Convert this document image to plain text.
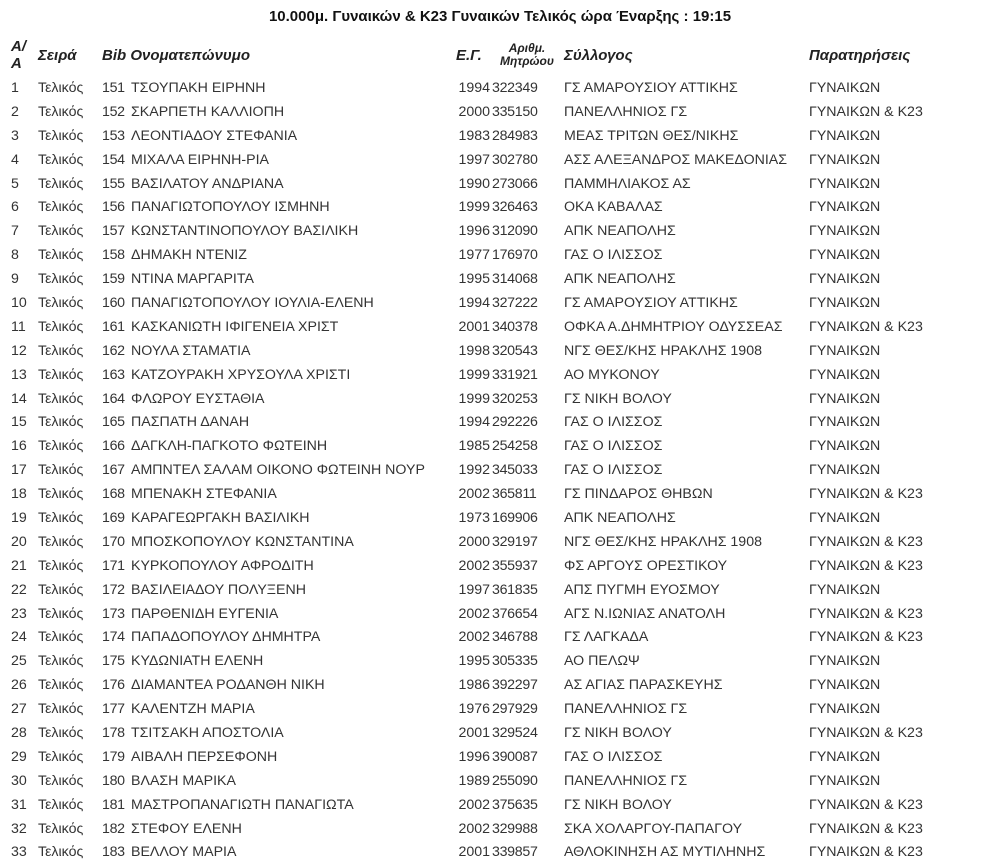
10.000μ. Γυναικών & Κ23 Γυναικών Τελικός ώρα Έναρξης : 19:15
Α/Α	Σειρά	Bib Ονοματεπώνυμο		Ε.Γ.	Αριθμ.
Μητρώου	Σύλλογος	Παρατηρήσεις
1	Τελικός	151	ΤΣΟΥΠΑΚΗ ΕΙΡΗΝΗ	1994	322349	ΓΣ ΑΜΑΡΟΥΣΙΟΥ ΑΤΤΙΚΗΣ	ΓΥΝΑΙΚΩΝ
2	Τελικός	152	ΣΚΑΡΠΕΤΗ ΚΑΛΛΙΟΠΗ	2000	335150	ΠΑΝΕΛΛΗΝΙΟΣ ΓΣ	ΓΥΝΑΙΚΩΝ & Κ23
3	Τελικός	153	ΛΕΟΝΤΙΑΔΟΥ ΣΤΕΦΑΝΙΑ	1983	284983	ΜΕΑΣ ΤΡΙΤΩΝ ΘΕΣ/ΝΙΚΗΣ	ΓΥΝΑΙΚΩΝ
4	Τελικός	154	ΜΙΧΑΛΑ ΕΙΡΗΝΗ-ΡΙΑ	1997	302780	ΑΣΣ ΑΛΕΞΑΝΔΡΟΣ ΜΑΚΕΔΟΝΙΑΣ	ΓΥΝΑΙΚΩΝ
5	Τελικός	155	ΒΑΣΙΛΑΤΟΥ ΑΝΔΡΙΑΝΑ	1990	273066	ΠΑΜΜΗΛΙΑΚΟΣ ΑΣ	ΓΥΝΑΙΚΩΝ
6	Τελικός	156	ΠΑΝΑΓΙΩΤΟΠΟΥΛΟΥ ΙΣΜΗΝΗ	1999	326463	ΟΚΑ ΚΑΒΑΛΑΣ	ΓΥΝΑΙΚΩΝ
7	Τελικός	157	ΚΩΝΣΤΑΝΤΙΝΟΠΟΥΛΟΥ ΒΑΣΙΛΙΚΗ	1996	312090	ΑΠΚ ΝΕΑΠΟΛΗΣ	ΓΥΝΑΙΚΩΝ
8	Τελικός	158	ΔΗΜΑΚΗ ΝΤΕΝΙΖ	1977	176970	ΓΑΣ Ο ΙΛΙΣΣΟΣ	ΓΥΝΑΙΚΩΝ
9	Τελικός	159	ΝΤΙΝΑ ΜΑΡΓΑΡΙΤΑ	1995	314068	ΑΠΚ ΝΕΑΠΟΛΗΣ	ΓΥΝΑΙΚΩΝ
10	Τελικός	160	ΠΑΝΑΓΙΩΤΟΠΟΥΛΟΥ ΙΟΥΛΙΑ-ΕΛΕΝΗ	1994	327222	ΓΣ ΑΜΑΡΟΥΣΙΟΥ ΑΤΤΙΚΗΣ	ΓΥΝΑΙΚΩΝ
11	Τελικός	161	ΚΑΣΚΑΝΙΩΤΗ ΙΦΙΓΕΝΕΙΑ ΧΡΙΣΤ	2001	340378	ΟΦΚΑ Α.ΔΗΜΗΤΡΙΟΥ ΟΔΥΣΣΕΑΣ	ΓΥΝΑΙΚΩΝ & Κ23
12	Τελικός	162	ΝΟΥΛΑ ΣΤΑΜΑΤΙΑ	1998	320543	ΝΓΣ ΘΕΣ/ΚΗΣ ΗΡΑΚΛΗΣ 1908	ΓΥΝΑΙΚΩΝ
13	Τελικός	163	ΚΑΤΖΟΥΡΑΚΗ ΧΡΥΣΟΥΛΑ ΧΡΙΣΤΙ	1999	331921	ΑΟ ΜΥΚΟΝΟΥ	ΓΥΝΑΙΚΩΝ
14	Τελικός	164	ΦΛΩΡΟΥ ΕΥΣΤΑΘΙΑ	1999	320253	ΓΣ ΝΙΚΗ ΒΟΛΟΥ	ΓΥΝΑΙΚΩΝ
15	Τελικός	165	ΠΑΣΠΑΤΗ ΔΑΝΑΗ	1994	292226	ΓΑΣ Ο ΙΛΙΣΣΟΣ	ΓΥΝΑΙΚΩΝ
16	Τελικός	166	ΔΑΓΚΛΗ-ΠΑΓΚΟΤΟ ΦΩΤΕΙΝΗ	1985	254258	ΓΑΣ Ο ΙΛΙΣΣΟΣ	ΓΥΝΑΙΚΩΝ
17	Τελικός	167	ΑΜΠΝΤΕΛ ΣΑΛΑΜ ΟΙΚΟΝΟ ΦΩΤΕΙΝΗ ΝΟΥΡ	1992	345033	ΓΑΣ Ο ΙΛΙΣΣΟΣ	ΓΥΝΑΙΚΩΝ
18	Τελικός	168	ΜΠΕΝΑΚΗ ΣΤΕΦΑΝΙΑ	2002	365811	ΓΣ ΠΙΝΔΑΡΟΣ ΘΗΒΩΝ	ΓΥΝΑΙΚΩΝ & Κ23
19	Τελικός	169	ΚΑΡΑΓΕΩΡΓΑΚΗ ΒΑΣΙΛΙΚΗ	1973	169906	ΑΠΚ ΝΕΑΠΟΛΗΣ	ΓΥΝΑΙΚΩΝ
20	Τελικός	170	ΜΠΟΣΚΟΠΟΥΛΟΥ ΚΩΝΣΤΑΝΤΙΝΑ	2000	329197	ΝΓΣ ΘΕΣ/ΚΗΣ ΗΡΑΚΛΗΣ 1908	ΓΥΝΑΙΚΩΝ & Κ23
21	Τελικός	171	ΚΥΡΚΟΠΟΥΛΟΥ ΑΦΡΟΔΙΤΗ	2002	355937	ΦΣ ΑΡΓΟΥΣ ΟΡΕΣΤΙΚΟΥ	ΓΥΝΑΙΚΩΝ & Κ23
22	Τελικός	172	ΒΑΣΙΛΕΙΑΔΟΥ ΠΟΛΥΞΕΝΗ	1997	361835	ΑΠΣ ΠΥΓΜΗ ΕΥΟΣΜΟΥ	ΓΥΝΑΙΚΩΝ
23	Τελικός	173	ΠΑΡΘΕΝΙΔΗ ΕΥΓΕΝΙΑ	2002	376654	ΑΓΣ Ν.ΙΩΝΙΑΣ ΑΝΑΤΟΛΗ	ΓΥΝΑΙΚΩΝ & Κ23
24	Τελικός	174	ΠΑΠΑΔΟΠΟΥΛΟΥ ΔΗΜΗΤΡΑ	2002	346788	ΓΣ ΛΑΓΚΑΔΑ	ΓΥΝΑΙΚΩΝ & Κ23
25	Τελικός	175	ΚΥΔΩΝΙΑΤΗ ΕΛΕΝΗ	1995	305335	ΑΟ ΠΕΛΩΨ	ΓΥΝΑΙΚΩΝ
26	Τελικός	176	ΔΙΑΜΑΝΤΕΑ ΡΟΔΑΝΘΗ ΝΙΚΗ	1986	392297	ΑΣ ΑΓΙΑΣ ΠΑΡΑΣΚΕΥΗΣ	ΓΥΝΑΙΚΩΝ
27	Τελικός	177	ΚΑΛΕΝΤΖΗ ΜΑΡΙΑ	1976	297929	ΠΑΝΕΛΛΗΝΙΟΣ ΓΣ	ΓΥΝΑΙΚΩΝ
28	Τελικός	178	ΤΣΙΤΣΑΚΗ ΑΠΟΣΤΟΛΙΑ	2001	329524	ΓΣ ΝΙΚΗ ΒΟΛΟΥ	ΓΥΝΑΙΚΩΝ & Κ23
29	Τελικός	179	ΑΙΒΑΛΗ ΠΕΡΣΕΦΟΝΗ	1996	390087	ΓΑΣ Ο ΙΛΙΣΣΟΣ	ΓΥΝΑΙΚΩΝ
30	Τελικός	180	ΒΛΑΣΗ ΜΑΡΙΚΑ	1989	255090	ΠΑΝΕΛΛΗΝΙΟΣ ΓΣ	ΓΥΝΑΙΚΩΝ
31	Τελικός	181	ΜΑΣΤΡΟΠΑΝΑΓΙΩΤΗ ΠΑΝΑΓΙΩΤΑ	2002	375635	ΓΣ ΝΙΚΗ ΒΟΛΟΥ	ΓΥΝΑΙΚΩΝ & Κ23
32	Τελικός	182	ΣΤΕΦΟΥ ΕΛΕΝΗ	2002	329988	ΣΚΑ ΧΟΛΑΡΓΟΥ-ΠΑΠΑΓΟΥ	ΓΥΝΑΙΚΩΝ & Κ23
33	Τελικός	183	ΒΕΛΛΟΥ ΜΑΡΙΑ	2001	339857	ΑΘΛΟΚΙΝΗΣΗ ΑΣ ΜΥΤΙΛΗΝΗΣ	ΓΥΝΑΙΚΩΝ & Κ23
